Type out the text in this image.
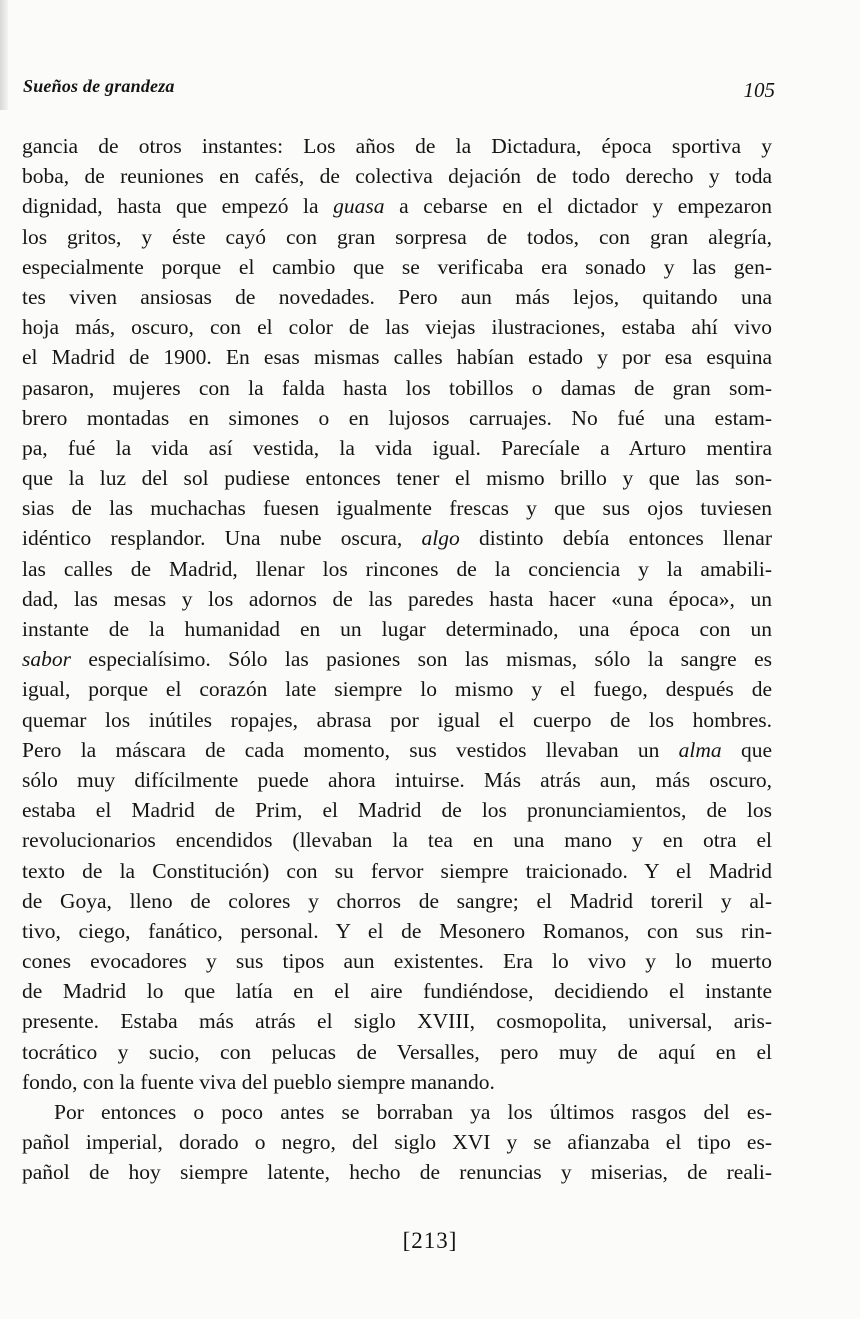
Sueños de grandeza	105
gancia de otros instantes: Los años de la Dictadura, época sportiva y
boba, de reuniones en cafés, de colectiva dejación de todo derecho y toda
dignidad, hasta que empezó la guasa a cebarse en el dictador y empezaron
los gritos, y éste cayó con gran sorpresa de todos, con gran alegría,
especialmente porque el cambio que se verificaba era sonado y las gen-
tes viven ansiosas de novedades. Pero aun más lejos, quitando una
hoja más, oscuro, con el color de las viejas ilustraciones, estaba ahí vivo
el Madrid de 1900. En esas mismas calles habían estado y por esa esquina
pasaron, mujeres con la falda hasta los tobillos o damas de gran som-
brero montadas en simones o en lujosos carruajes. No fué una estam-
pa, fué la vida así vestida, la vida igual. Parecíale a Arturo mentira
que la luz del sol pudiese entonces tener el mismo brillo y que las son-
sias de las muchachas fuesen igualmente frescas y que sus ojos tuviesen
idéntico resplandor. Una nube oscura, algo distinto debía entonces llenar
las calles de Madrid, llenar los rincones de la conciencia y la amabili-
dad, las mesas y los adornos de las paredes hasta hacer «una época», un
instante de la humanidad en un lugar determinado, una época con un
sabor especialísimo. Sólo las pasiones son las mismas, sólo la sangre es
igual, porque el corazón late siempre lo mismo y el fuego, después de
quemar los inútiles ropajes, abrasa por igual el cuerpo de los hombres.
Pero la máscara de cada momento, sus vestidos llevaban un alma que
sólo muy difícilmente puede ahora intuirse. Más atrás aun, más oscuro,
estaba el Madrid de Prim, el Madrid de los pronunciamientos, de los
revolucionarios encendidos (llevaban la tea en una mano y en otra el
texto de la Constitución) con su fervor siempre traicionado. Y el Madrid
de Goya, lleno de colores y chorros de sangre; el Madrid toreril y al-
tivo, ciego, fanático, personal. Y el de Mesonero Romanos, con sus rin-
cones evocadores y sus tipos aun existentes. Era lo vivo y lo muerto
de Madrid lo que latía en el aire fundiéndose, decidiendo el instante
presente. Estaba más atrás el siglo XVIII, cosmopolita, universal, aris-
tocrático y sucio, con pelucas de Versalles, pero muy de aquí en el
fondo, con la fuente viva del pueblo siempre manando.
Por entonces o poco antes se borraban ya los últimos rasgos del es-
pañol imperial, dorado o negro, del siglo XVI y se afianzaba el tipo es-
pañol de hoy siempre latente, hecho de renuncias y miserias, de reali-
[213]
